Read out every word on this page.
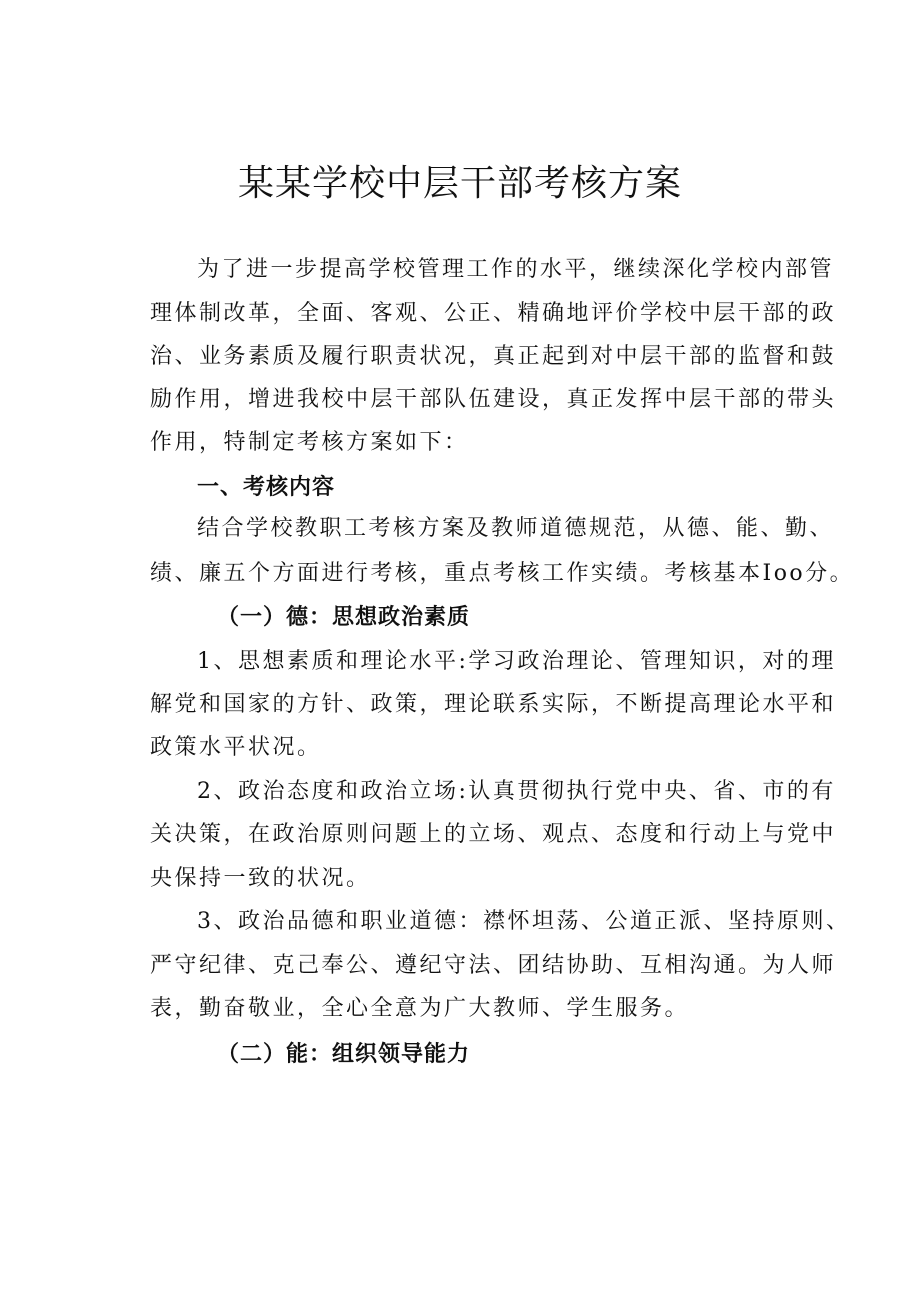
某某学校中层干部考核方案
为了进一步提高学校管理工作的水平，继续深化学校内部管
理体制改革，全面、客观、公正、精确地评价学校中层干部的政
治、业务素质及履行职责状况，真正起到对中层干部的监督和鼓
励作用，增进我校中层干部队伍建设，真正发挥中层干部的带头
作用，特制定考核方案如下：
一、考核内容
结合学校教职工考核方案及教师道德规范，从德、能、勤、
绩、廉五个方面进行考核，重点考核工作实绩。考核基本Ioo分。
（一）德：思想政治素质
1、思想素质和理论水平:学习政治理论、管理知识，对的理
解党和国家的方针、政策，理论联系实际，不断提高理论水平和
政策水平状况。
2、政治态度和政治立场:认真贯彻执行党中央、省、市的有
关决策，在政治原则问题上的立场、观点、态度和行动上与党中
央保持一致的状况。
3、政治品德和职业道德：襟怀坦荡、公道正派、坚持原则、
严守纪律、克己奉公、遵纪守法、团结协助、互相沟通。为人师
表，勤奋敬业，全心全意为广大教师、学生服务。
（二）能：组织领导能力
